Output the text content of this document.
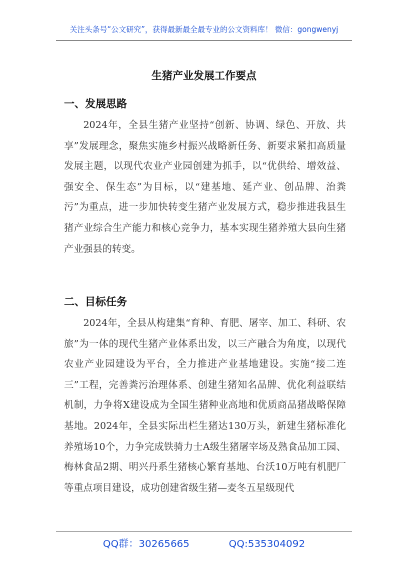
关注头条号“公文研究”，获得最新最全最专业的公文资料库！ 微信：gongwenyj
生猪产业发展工作要点
一、发展思路

2024年，全县生猪产业坚持“创新、协调、绿色、开放、共享”发展理念，聚焦实施乡村振兴战略新任务、新要求紧扣高质量发展主题，以现代农业产业园创建为抓手，以“优供给、增效益、强安全、保生态”为目标，以“建基地、延产业、创品牌、治粪污”为重点，进一步加快转变生猪产业发展方式，稳步推进我县生猪产业综合生产能力和核心竞争力，基本实现生猪养殖大县向生猪产业强县的转变。

二、目标任务

2024年，全县从构建集“育种、育肥、屠宰、加工、科研、农旅”为一体的现代生猪产业体系出发，以三产融合为角度，以现代农业产业园建设为平台，全力推进产业基地建设。实施“接二连三”工程，完善粪污治理体系、创建生猪知名品牌、优化利益联结机制，力争将X建设成为全国生猪种业高地和优质商品猪战略保障基地。2024年，全县实际出栏生猪达130万头，新建生猪标准化养殖场10个，力争完成铁骑力士A级生猪屠宰场及熟食品加工园、梅林食品2期、明兴丹系生猪核心繁育基地、台沃10万吨有机肥厂等重点项目建设，成功创建省级生猪—麦冬五星级现代

QQ群：30265665	QQ:535304092
